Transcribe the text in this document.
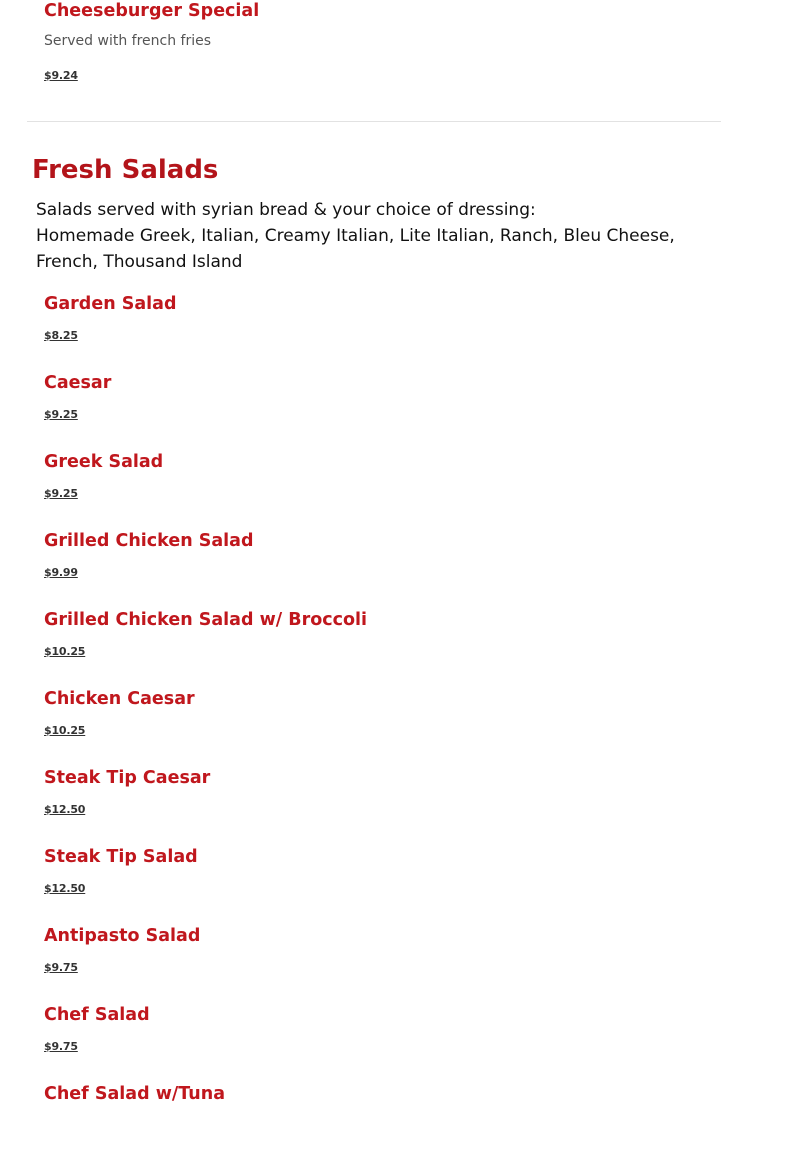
Cheeseburger Special
Served with french fries
$9.24
Fresh Salads
Salads served with syrian bread & your choice of dressing:
Homemade Greek, Italian, Creamy Italian, Lite Italian, Ranch, Bleu Cheese,
French, Thousand Island
Garden Salad
$8.25
Caesar
$9.25
Greek Salad
$9.25
Grilled Chicken Salad
$9.99
Grilled Chicken Salad w/ Broccoli
$10.25
Chicken Caesar
$10.25
Steak Tip Caesar
$12.50
Steak Tip Salad
$12.50
Antipasto Salad
$9.75
Chef Salad
$9.75
Chef Salad w/Tuna
